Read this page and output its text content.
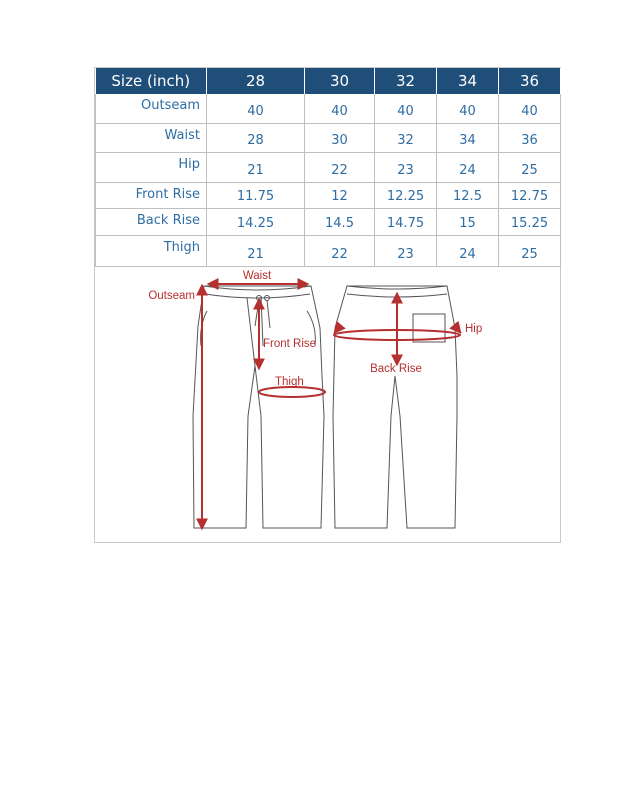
Size (inch)	28	30	32	34	36
Outseam	40	40	40	40	40
Waist	28	30	32	34	36
Hip	21	22	23	24	25
Front Rise	11.75	12	12.25	12.5	12.75
Back Rise	14.25	14.5	14.75	15	15.25
Thigh	21	22	23	24	25
Waist
Outseam
Front Rise
Thigh
Hip
Back Rise
